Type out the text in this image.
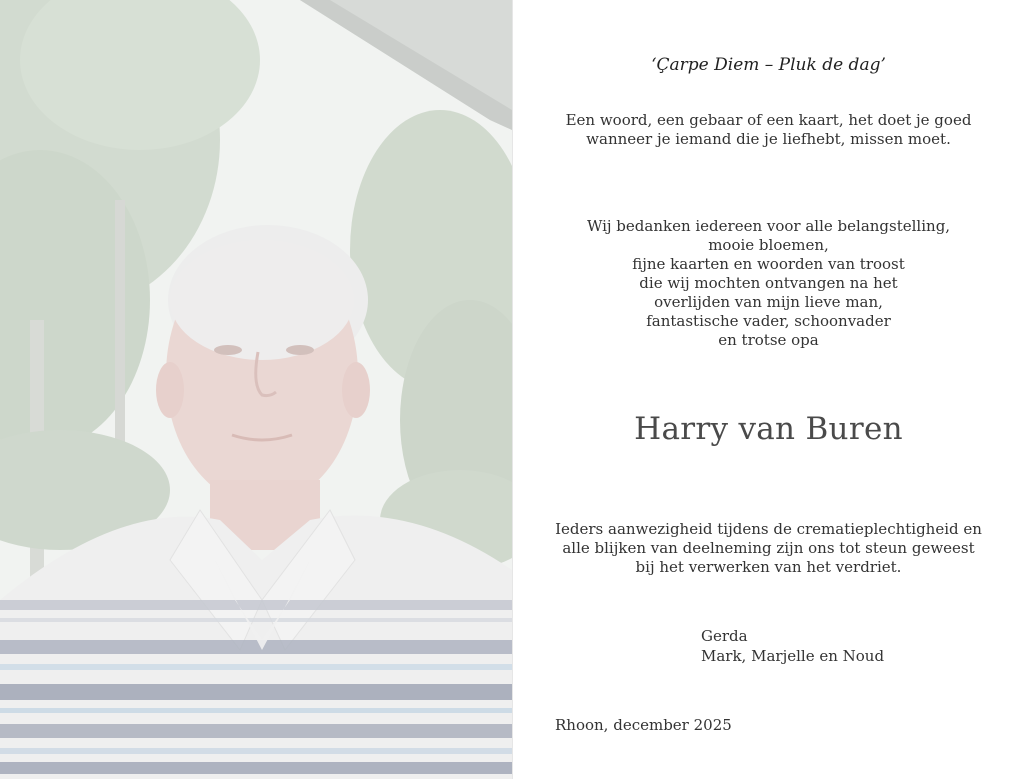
‘Çarpe Diem – Pluk de dag’
Een woord, een gebaar of een kaart, het doet je goed
wanneer je iemand die je liefhebt, missen moet.
Wij bedanken iedereen voor alle belangstelling,
mooie bloemen,
fijne kaarten en woorden van troost
die wij mochten ontvangen na het
overlijden van mijn lieve man,
fantastische vader, schoonvader
en trotse opa
Harry van Buren
Ieders aanwezigheid tijdens de crematieplechtigheid en
alle blijken van deelneming zijn ons tot steun geweest
bij het verwerken van het verdriet.
Gerda
Mark, Marjelle en Noud
Rhoon, december 2025
